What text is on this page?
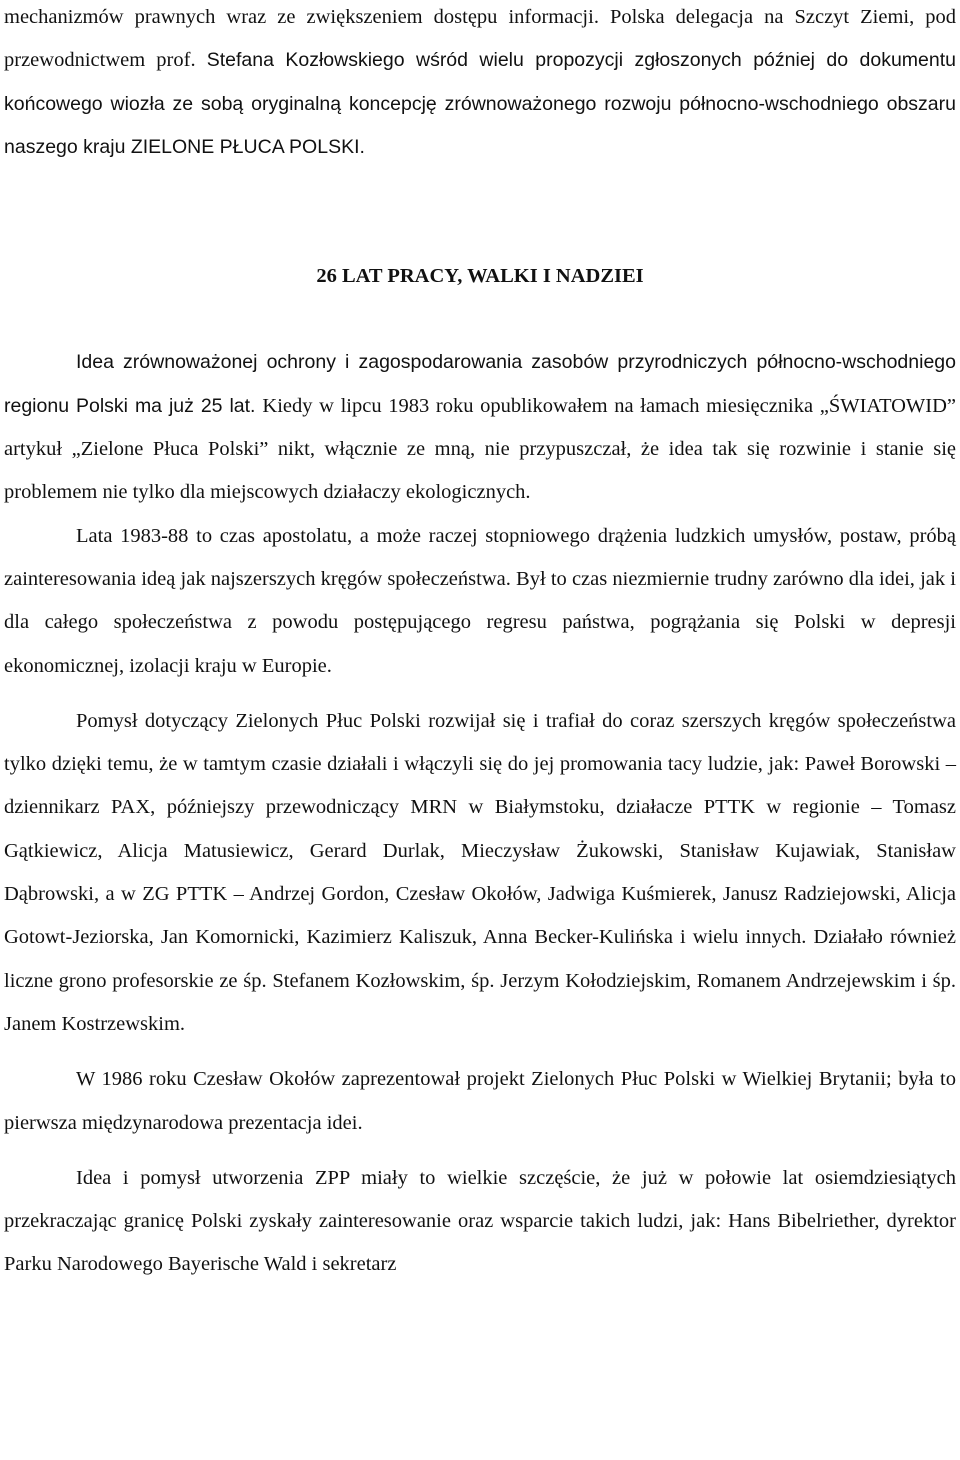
mechanizmów prawnych wraz ze zwiększeniem dostępu informacji. Polska delegacja na Szczyt Ziemi, pod przewodnictwem prof. Stefana Kozłowskiego wśród wielu propozycji zgłoszonych później do dokumentu końcowego wiozła ze sobą oryginalną koncepcję zrównoważonego rozwoju północno-wschodniego obszaru naszego kraju ZIELONE PŁUCA POLSKI.

26 LAT PRACY, WALKI I NADZIEI

Idea zrównoważonej ochrony i zagospodarowania zasobów przyrodniczych północno-wschodniego regionu Polski ma już 25 lat. Kiedy w lipcu 1983 roku opublikowałem na łamach miesięcznika „ŚWIATOWID” artykuł „Zielone Płuca Polski” nikt, włącznie ze mną, nie przypuszczał, że idea tak się rozwinie i stanie się problemem nie tylko dla miejscowych działaczy ekologicznych.

Lata 1983-88 to czas apostolatu, a może raczej stopniowego drążenia ludzkich umysłów, postaw, próbą zainteresowania ideą jak najszerszych kręgów społeczeństwa. Był to czas niezmiernie trudny zarówno dla idei, jak i dla całego społeczeństwa z powodu postępującego regresu państwa, pogrążania się Polski w depresji ekonomicznej, izolacji kraju w Europie.

Pomysł dotyczący Zielonych Płuc Polski rozwijał się i trafiał do coraz szerszych kręgów społeczeństwa tylko dzięki temu, że w tamtym czasie działali i włączyli się do jej promowania tacy ludzie, jak: Paweł Borowski – dziennikarz PAX, późniejszy przewodniczący MRN w Białymstoku, działacze PTTK w regionie – Tomasz Gątkiewicz, Alicja Matusiewicz, Gerard Durlak, Mieczysław Żukowski, Stanisław Kujawiak, Stanisław Dąbrowski, a w ZG PTTK – Andrzej Gordon, Czesław Okołów, Jadwiga Kuśmierek, Janusz Radziejowski, Alicja Gotowt-Jeziorska, Jan Komornicki, Kazimierz Kaliszuk, Anna Becker-Kulińska i wielu innych. Działało również liczne grono profesorskie ze śp. Stefanem Kozłowskim, śp. Jerzym Kołodziejskim, Romanem Andrzejewskim i śp. Janem Kostrzewskim.

W 1986 roku Czesław Okołów zaprezentował projekt Zielonych Płuc Polski w Wielkiej Brytanii; była to pierwsza międzynarodowa prezentacja idei.

Idea i pomysł utworzenia ZPP miały to wielkie szczęście, że już w połowie lat osiemdziesiątych przekraczając granicę Polski zyskały zainteresowanie oraz wsparcie takich ludzi, jak: Hans Bibelriether, dyrektor Parku Narodowego Bayerische Wald i sekretarz
